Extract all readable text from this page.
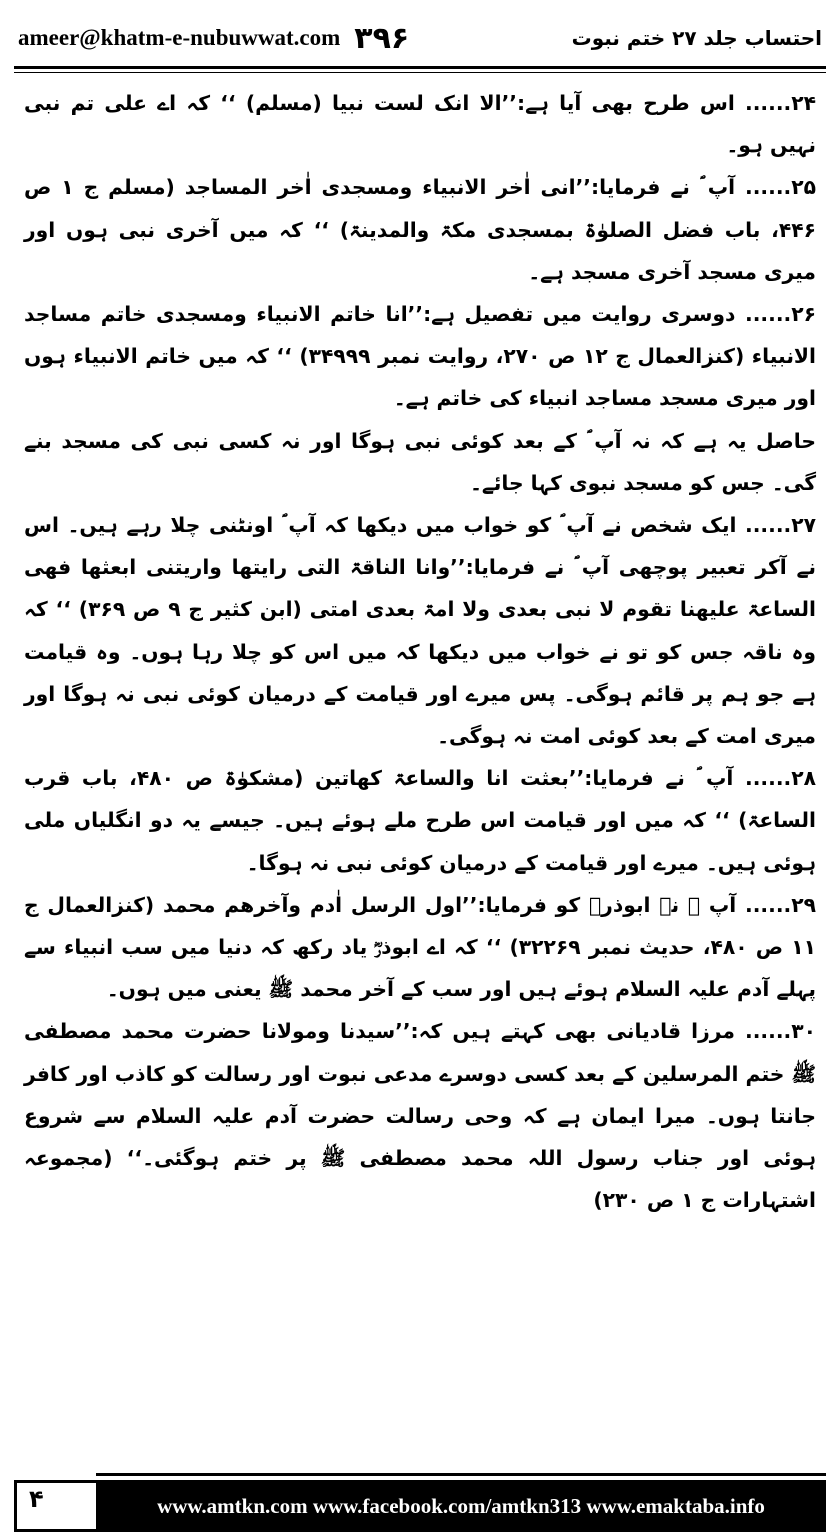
ameer@khatm-e-nubuwwat.com ۳۹۶	احتساب جلد ۲۷ ختم نبوت

۲۴...... اس طرح بھی آیا ہے:’’الا انک لست نبیا (مسلم) ‘‘ کہ اے علی تم نبی نہیں ہو۔

۲۵...... آپ ؐ نے فرمایا:’’انی اٰخر الانبیاء ومسجدی اٰخر المساجد (مسلم ج ۱ ص ۴۴۶، باب فضل الصلوٰۃ بمسجدی مکۃ والمدینۃ) ‘‘ کہ میں آخری نبی ہوں اور میری مسجد آخری مسجد ہے۔

۲۶...... دوسری روایت میں تفصیل ہے:’’انا خاتم الانبیاء ومسجدی خاتم مساجد الانبیاء (کنزالعمال ج ۱۲ ص ۲۷۰، روایت نمبر ۳۴۹۹۹) ‘‘ کہ میں خاتم الانبیاء ہوں اور میری مسجد مساجد انبیاء کی خاتم ہے۔

حاصل یہ ہے کہ نہ آپ ؐ کے بعد کوئی نبی ہوگا اور نہ کسی نبی کی مسجد بنے گی۔ جس کو مسجد نبوی کہا جائے۔

۲۷...... ایک شخص نے آپ ؐ کو خواب میں دیکھا کہ آپ ؐ اونٹنی چلا رہے ہیں۔ اس نے آکر تعبیر پوچھی آپ ؐ نے فرمایا:’’وانا الناقۃ التی رایتھا واریتنی ابعثھا فھی الساعۃ علیھنا تقوم لا نبی بعدی ولا امۃ بعدی امتی (ابن کثیر ج ۹ ص ۳۶۹) ‘‘ کہ وہ ناقہ جس کو تو نے خواب میں دیکھا کہ میں اس کو چلا رہا ہوں۔ وہ قیامت ہے جو ہم پر قائم ہوگی۔ پس میرے اور قیامت کے درمیان کوئی نبی نہ ہوگا اور میری امت کے بعد کوئی امت نہ ہوگی۔

۲۸...... آپ ؐ نے فرمایا:’’بعثت انا والساعۃ کھاتین (مشکوٰۃ ص ۴۸۰، باب قرب الساعۃ) ‘‘ کہ میں اور قیامت اس طرح ملے ہوئے ہیں۔ جیسے یہ دو انگلیاں ملی ہوئی ہیں۔ میرے اور قیامت کے درمیان کوئی نبی نہ ہوگا۔

۲۹...... آپ ؐ نے ابوذرؓ کو فرمایا:’’اول الرسل اٰدم وآخرھم محمد (کنزالعمال ج ۱۱ ص ۴۸۰، حدیث نمبر ۳۲۲۶۹) ‘‘ کہ اے ابوذرؓ یاد رکھ کہ دنیا میں سب انبیاء سے پہلے آدم علیہ السلام ہوئے ہیں اور سب کے آخر محمد ﷺ یعنی میں ہوں۔

۳۰...... مرزا قادیانی بھی کہتے ہیں کہ:’’سیدنا ومولانا حضرت محمد مصطفی ﷺ ختم المرسلین کے بعد کسی دوسرے مدعی نبوت اور رسالت کو کاذب اور کافر جانتا ہوں۔ میرا ایمان ہے کہ وحی رسالت حضرت آدم علیہ السلام سے شروع ہوئی اور جناب رسول اللہ محمد مصطفی ﷺ پر ختم ہوگئی۔‘‘ (مجموعہ اشتہارات ج ۱ ص ۲۳۰)

۴	www.amtkn.com www.facebook.com/amtkn313 www.emaktaba.info
